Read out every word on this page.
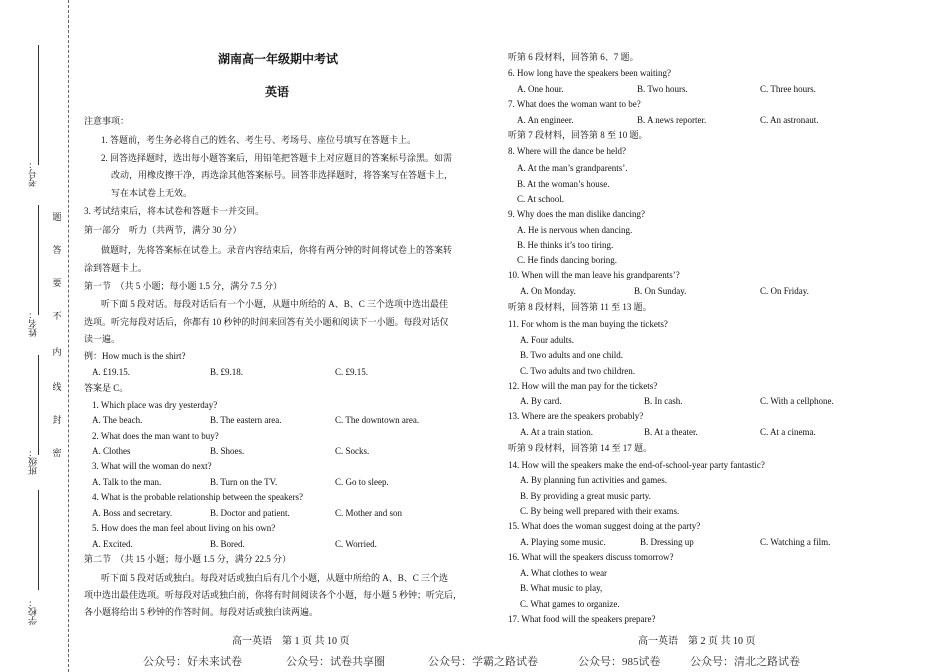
考号：
姓名：
班级：
学校：
题
答
要
不
内
线
封
密
湖南高一年级期中考试
英语
注意事项：
1. 答题前，考生务必将自己的姓名、考生号、考场号、座位号填写在答题卡上。
2. 回答选择题时，选出每小题答案后，用铅笔把答题卡上对应题目的答案标号涂黑。如需
改动，用橡皮擦干净，再选涂其他答案标号。回答非选择题时，将答案写在答题卡上，
写在本试卷上无效。
3. 考试结束后，将本试卷和答题卡一并交回。
第一部分　听力（共两节，满分 30 分）
做题时，先将答案标在试卷上。录音内容结束后，你将有两分钟的时间将试卷上的答案转
涂到答题卡上。
第一节　（共 5 小题；每小题 1.5 分，满分 7.5 分）
听下面 5 段对话。每段对话后有一个小题，从题中所给的 A、B、C 三个选项中选出最佳
选项。听完每段对话后，你都有 10 秒钟的时间来回答有关小题和阅读下一小题。每段对话仅
读一遍。
例：How much is the shirt?
A. £19.15.	B. £9.18.	C. £9.15.
答案是 C。
1. Which place was dry yesterday?
A. The beach.	B. The eastern area.	C. The downtown area.
2. What does the man want to buy?
A. Clothes	B. Shoes.	C. Socks.
3. What will the woman do next?
A. Talk to the man.	B. Turn on the TV.	C. Go to sleep.
4. What is the probable relationship between the speakers?
A. Boss and secretary.	B. Doctor and patient.	C. Mother and son
5. How does the man feel about living on his own?
A. Excited.	B. Bored.	C. Worried.
第二节　（共 15 小题；每小题 1.5 分，满分 22.5 分）
听下面 5 段对话或独白。每段对话或独白后有几个小题，从题中所给的 A、B、C 三个选
项中选出最佳选项。听每段对话或独白前，你将有时间阅读各个小题，每小题 5 秒钟；听完后，
各小题将给出 5 秒钟的作答时间。每段对话或独白读两遍。
高一英语　第 1 页 共 10 页
听第 6 段材料，回答第 6、7 题。
6. How long have the speakers been waiting?
A. One hour.	B. Two hours.	C. Three hours.
7. What does the woman want to be?
A. An engineer.	B. A news reporter.	C. An astronaut.
听第 7 段材料，回答第 8 至 10 题。
8. Where will the dance be held?
A. At the man’s grandparents’.
B. At the woman’s house.
C. At school.
9. Why does the man dislike dancing?
A. He is nervous when dancing.
B. He thinks it’s too tiring.
C. He finds dancing boring.
10. When will the man leave his grandparents’?
A. On Monday.	B. On Sunday.	C. On Friday.
听第 8 段材料，回答第 11 至 13 题。
11. For whom is the man buying the tickets?
A. Four adults.
B. Two adults and one child.
C. Two adults and two children.
12. How will the man pay for the tickets?
A. By card.	B. In cash.	C. With a cellphone.
13. Where are the speakers probably?
A. At a train station.	B. At a theater.	C. At a cinema.
听第 9 段材料，回答第 14 至 17 题。
14. How will the speakers make the end-of-school-year party fantastic?
A. By planning fun activities and games.
B. By providing a great music party.
C. By being well prepared with their exams.
15. What does the woman suggest doing at the party?
A. Playing some music.	B. Dressing up	C. Watching a film.
16. What will the speakers discuss tomorrow?
A. What clothes to wear
B. What music to play,
C. What games to organize.
17. What food will the speakers prepare?
高一英语　第 2 页 共 10 页
公众号：好未来试卷	公众号：试卷共享圈	公众号：学霸之路试卷	公众号：985试卷	公众号：清北之路试卷
